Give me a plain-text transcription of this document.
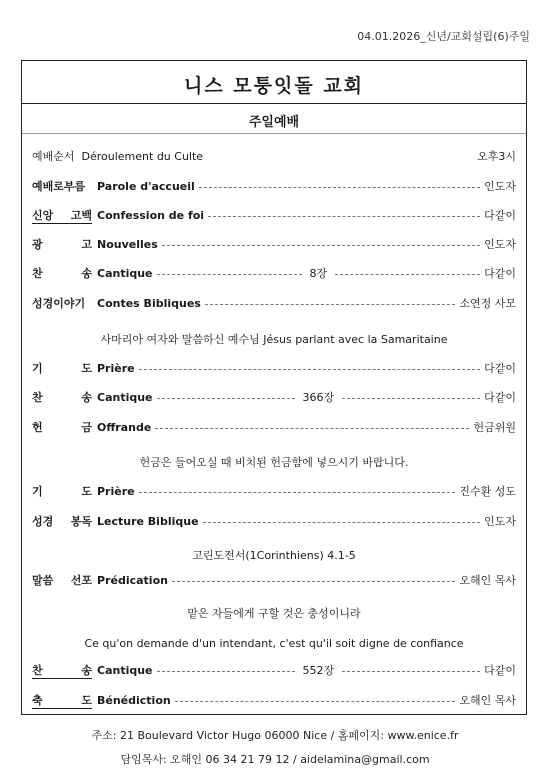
04.01.2026_신년/교회설립(6)주일
니스 모퉁잇돌 교회
주일예배
예배순서 Déroulement du Culte	오후3시
예배로부름 Parole d'accueil	인도자
신앙 고백 Confession de foi	다같이
광	고 Nouvelles	인도자
찬	송 Cantique	8장	다같이
성경이야기 Contes Bibliques	소연정 사모
기	도 Prière	다같이
찬	송 Cantique	366장	다같이
헌	금 Offrande	헌금위원
기	도 Prière	진수환 성도
성경 봉독 Lecture Biblique	인도자
말씀 선포 Prédication	오해인 목사
찬	송 Cantique	552장	다같이
축	도 Bénédiction	오해인 목사
사마리아 여자와 말씀하신 예수님 Jésus parlant avec la Samaritaine
헌금은 들어오실 때 비치된 헌금함에 넣으시기 바랍니다.
고린도전서(1Corinthiens) 4.1-5
맡은 자들에게 구할 것은 충성이니라
Ce qu'on demande d'un intendant, c'est qu'il soit digne de confiance
주소: 21 Boulevard Victor Hugo 06000 Nice / 홈페이지: www.enice.fr
담임목사: 오해인 06 34 21 79 12 / aidelamina@gmail.com
